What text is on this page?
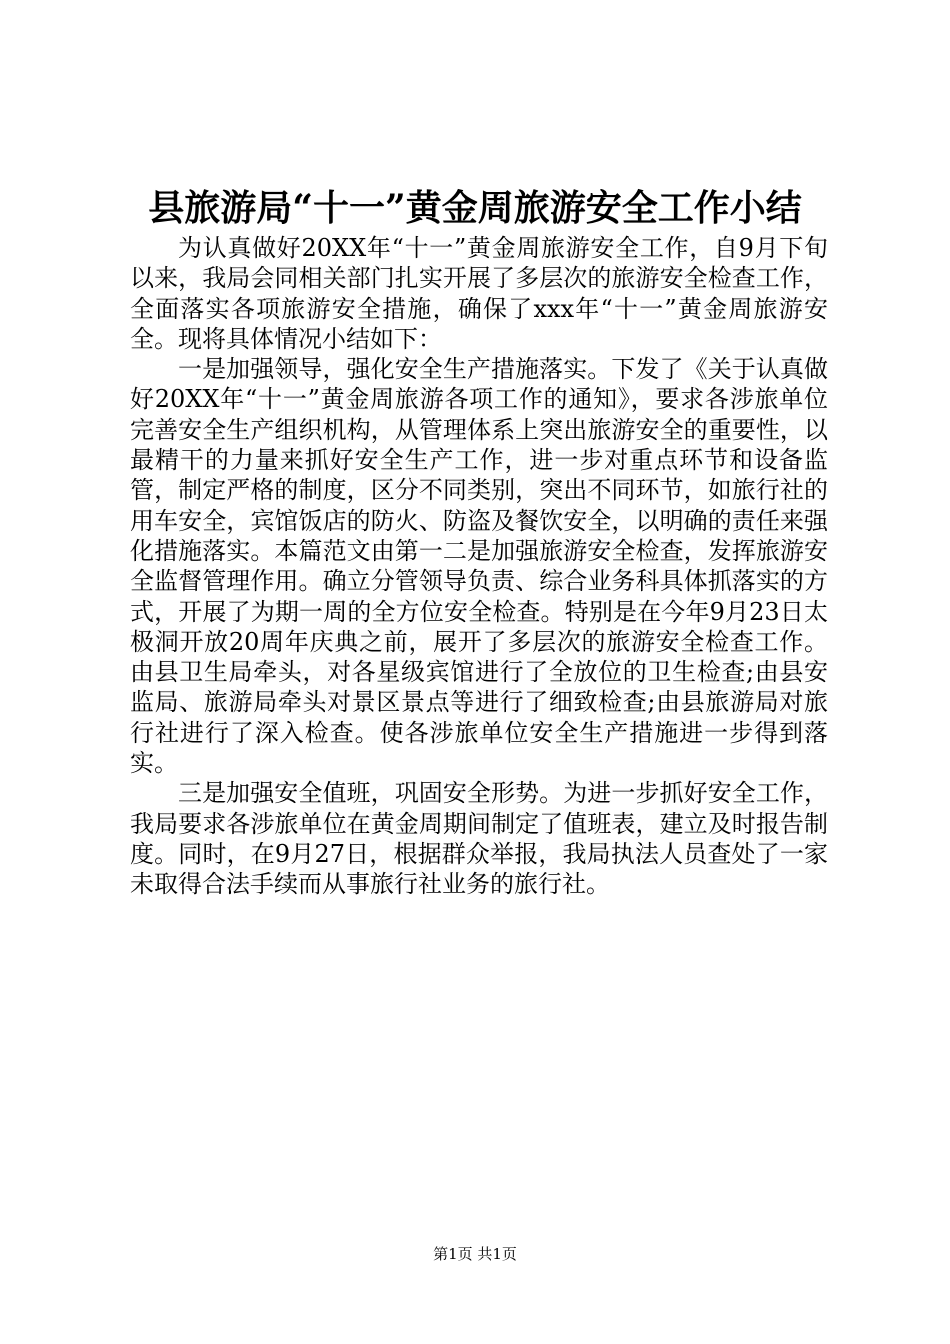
县旅游局“十一”黄金周旅游安全工作小结

为认真做好20XX年“十一”黄金周旅游安全工作，自9月下旬以来，我局会同相关部门扎实开展了多层次的旅游安全检查工作，全面落实各项旅游安全措施，确保了xxx年“十一”黄金周旅游安全。现将具体情况小结如下：

一是加强领导，强化安全生产措施落实。下发了《关于认真做好20XX年“十一”黄金周旅游各项工作的通知》，要求各涉旅单位完善安全生产组织机构，从管理体系上突出旅游安全的重要性，以最精干的力量来抓好安全生产工作，进一步对重点环节和设备监管，制定严格的制度，区分不同类别，突出不同环节，如旅行社的用车安全，宾馆饭店的防火、防盗及餐饮安全，以明确的责任来强化措施落实。本篇范文由第一二是加强旅游安全检查，发挥旅游安全监督管理作用。确立分管领导负责、综合业务科具体抓落实的方式，开展了为期一周的全方位安全检查。特别是在今年9月23日太极洞开放20周年庆典之前，展开了多层次的旅游安全检查工作。由县卫生局牵头，对各星级宾馆进行了全放位的卫生检查;由县安监局、旅游局牵头对景区景点等进行了细致检查;由县旅游局对旅行社进行了深入检查。使各涉旅单位安全生产措施进一步得到落实。

三是加强安全值班，巩固安全形势。为进一步抓好安全工作，我局要求各涉旅单位在黄金周期间制定了值班表，建立及时报告制度。同时，在9月27日，根据群众举报，我局执法人员查处了一家未取得合法手续而从事旅行社业务的旅行社。

第1页 共1页
